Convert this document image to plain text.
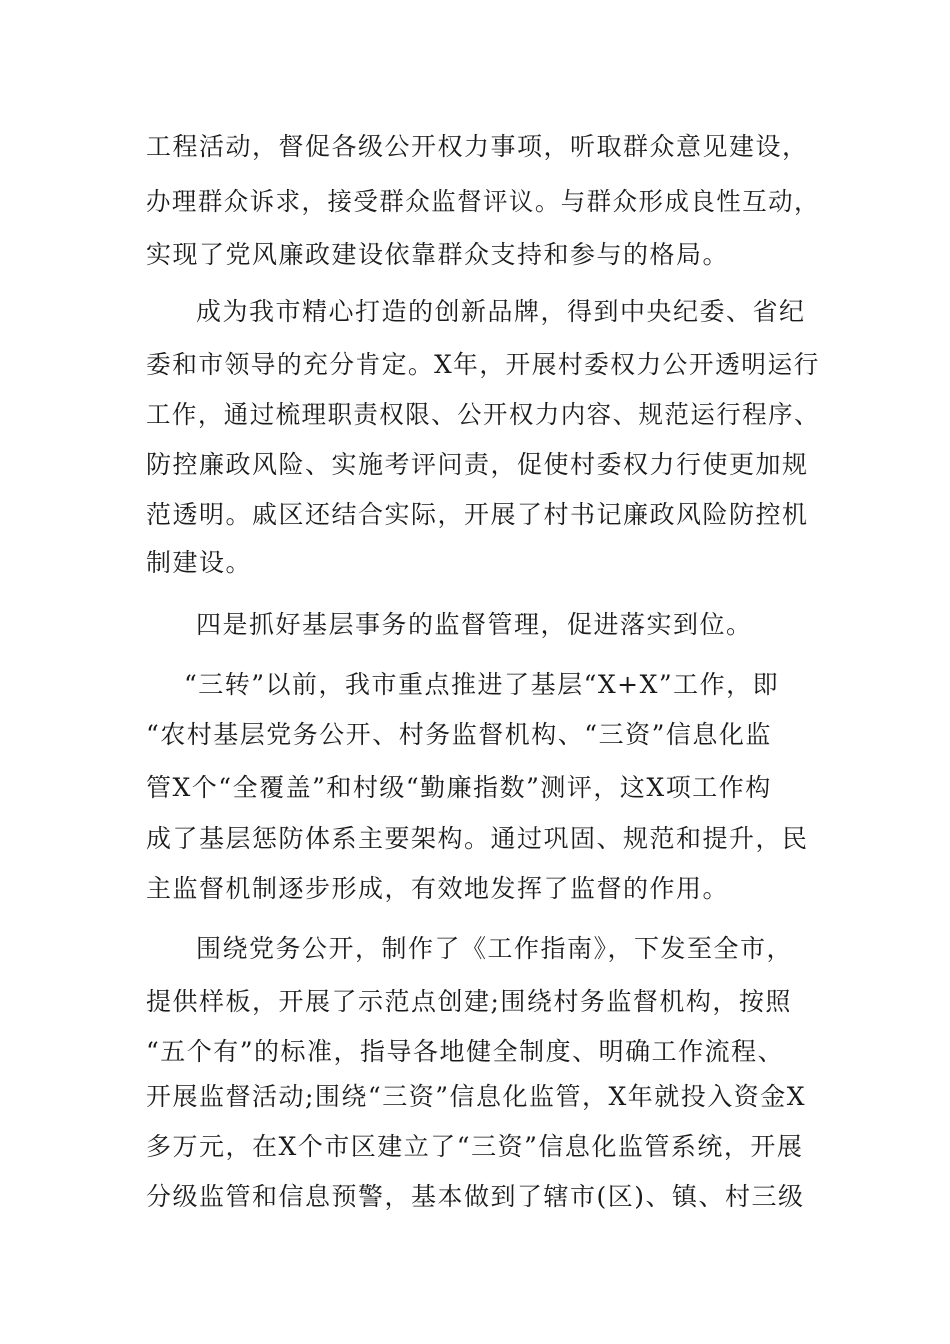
工程活动，督促各级公开权力事项，听取群众意见建设，
办理群众诉求，接受群众监督评议。与群众形成良性互动，
实现了党风廉政建设依靠群众支持和参与的格局。
成为我市精心打造的创新品牌，得到中央纪委、省纪
委和市领导的充分肯定。X年，开展村委权力公开透明运行
工作，通过梳理职责权限、公开权力内容、规范运行程序、
防控廉政风险、实施考评问责，促使村委权力行使更加规
范透明。戚区还结合实际，开展了村书记廉政风险防控机
制建设。
四是抓好基层事务的监督管理，促进落实到位。
“三转”以前，我市重点推进了基层“X+X”工作，即
“农村基层党务公开、村务监督机构、“三资”信息化监
管X个“全覆盖”和村级“勤廉指数”测评，这X项工作构
成了基层惩防体系主要架构。通过巩固、规范和提升，民
主监督机制逐步形成，有效地发挥了监督的作用。
围绕党务公开，制作了《工作指南》，下发至全市，
提供样板，开展了示范点创建;围绕村务监督机构，按照
“五个有”的标准，指导各地健全制度、明确工作流程、
开展监督活动;围绕“三资”信息化监管，X年就投入资金X
多万元，在X个市区建立了“三资”信息化监管系统，开展
分级监管和信息预警，基本做到了辖市(区)、镇、村三级
